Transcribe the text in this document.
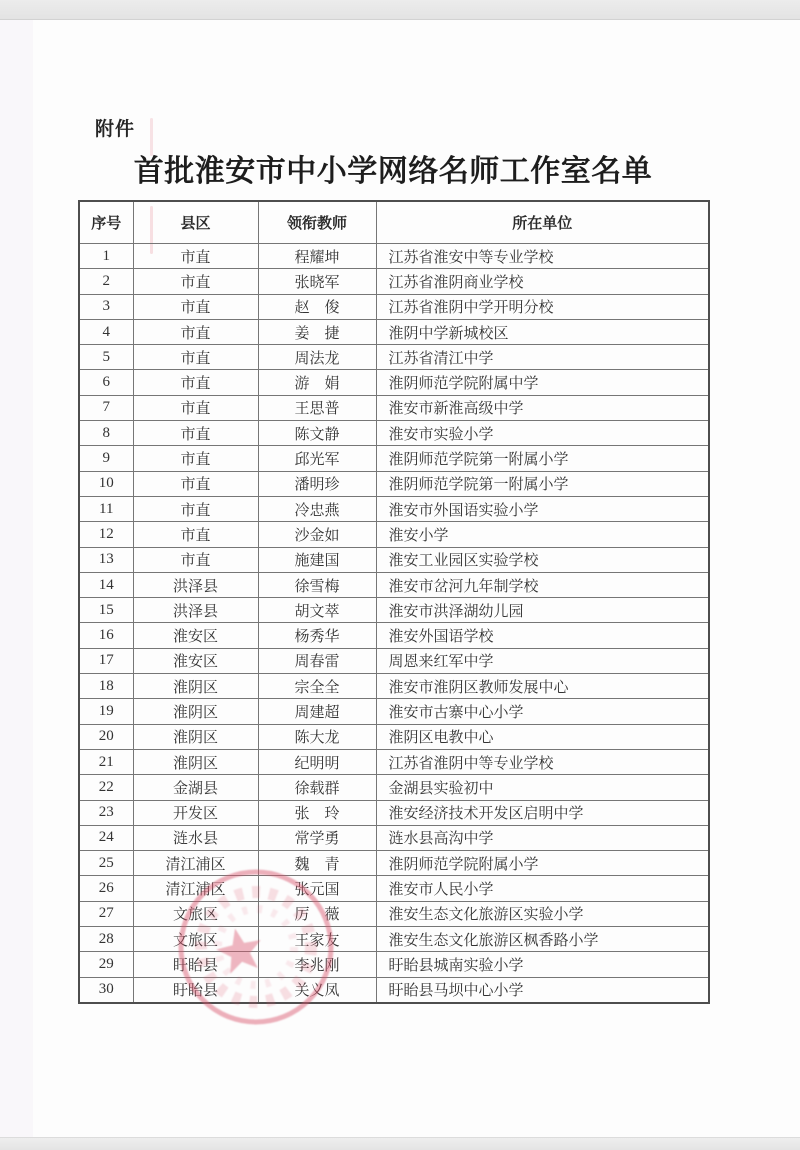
附件
首批淮安市中小学网络名师工作室名单
序号	县区	领衔教师	所在单位
1	市直	程耀坤	江苏省淮安中等专业学校
2	市直	张晓军	江苏省淮阴商业学校
3	市直	赵　俊	江苏省淮阴中学开明分校
4	市直	姜　捷	淮阴中学新城校区
5	市直	周法龙	江苏省清江中学
6	市直	游　娟	淮阴师范学院附属中学
7	市直	王思普	淮安市新淮高级中学
8	市直	陈文静	淮安市实验小学
9	市直	邱光军	淮阴师范学院第一附属小学
10	市直	潘明珍	淮阴师范学院第一附属小学
11	市直	冷忠燕	淮安市外国语实验小学
12	市直	沙金如	淮安小学
13	市直	施建国	淮安工业园区实验学校
14	洪泽县	徐雪梅	淮安市岔河九年制学校
15	洪泽县	胡文萃	淮安市洪泽湖幼儿园
16	淮安区	杨秀华	淮安外国语学校
17	淮安区	周春雷	周恩来红军中学
18	淮阴区	宗全全	淮安市淮阴区教师发展中心
19	淮阴区	周建超	淮安市古寨中心小学
20	淮阴区	陈大龙	淮阴区电教中心
21	淮阴区	纪明明	江苏省淮阴中等专业学校
22	金湖县	徐载群	金湖县实验初中
23	开发区	张　玲	淮安经济技术开发区启明中学
24	涟水县	常学勇	涟水县高沟中学
25	清江浦区	魏　青	淮阴师范学院附属小学
26	清江浦区	张元国	淮安市人民小学
27	文旅区	厉　薇	淮安生态文化旅游区实验小学
28	文旅区	王家友	淮安生态文化旅游区枫香路小学
29	盱眙县	李兆刚	盱眙县城南实验小学
30	盱眙县	关义凤	盱眙县马坝中心小学
